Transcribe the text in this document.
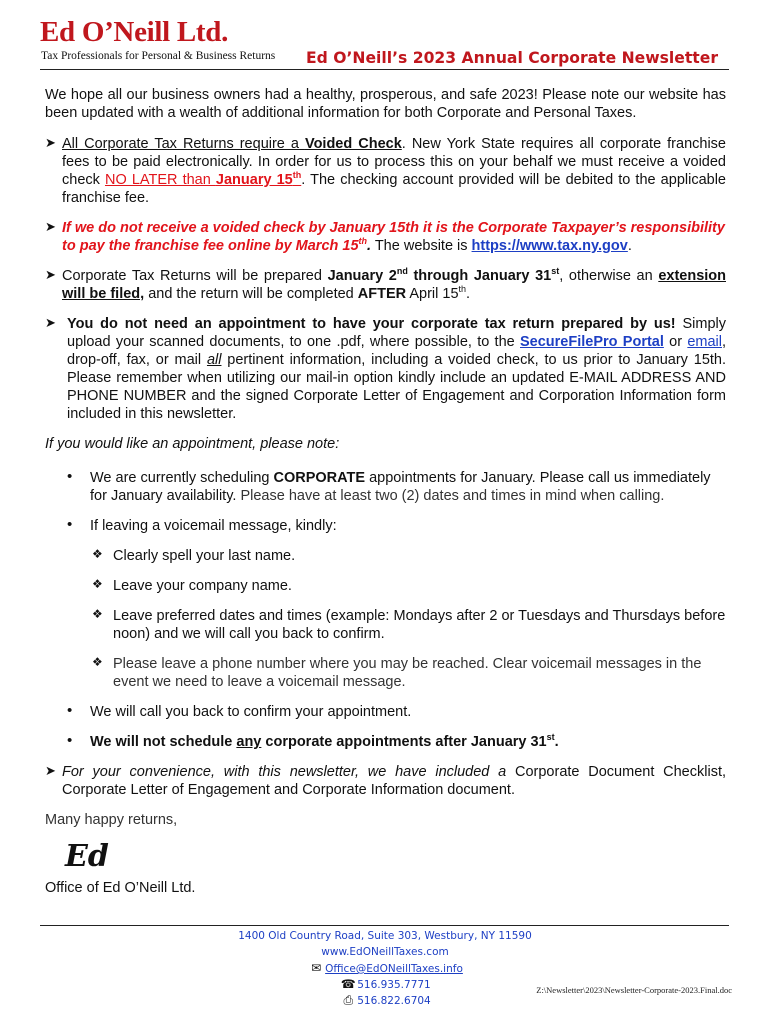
Ed O’Neill Ltd.
Tax Professionals for Personal & Business Returns Ed O’Neill’s 2023 Annual Corporate Newsletter

We hope all our business owners had a healthy, prosperous, and safe 2023! Please note our website has been updated with a wealth of additional information for both Corporate and Personal Taxes.

➤ All Corporate Tax Returns require a Voided Check. New York State requires all corporate franchise fees to be paid electronically. In order for us to process this on your behalf we must receive a voided check NO LATER than January 15th. The checking account provided will be debited to the applicable franchise fee.

➤ If we do not receive a voided check by January 15th it is the Corporate Taxpayer’s responsibility to pay the franchise fee online by March 15th. The website is https://www.tax.ny.gov.

➤ Corporate Tax Returns will be prepared January 2nd through January 31st, otherwise an extension will be filed, and the return will be completed AFTER April 15th.

➤ You do not need an appointment to have your corporate tax return prepared by us! Simply upload your scanned documents, to one .pdf, where possible, to the SecureFilePro Portal or email, drop-off, fax, or mail all pertinent information, including a voided check, to us prior to January 15th. Please remember when utilizing our mail-in option kindly include an updated E-MAIL ADDRESS AND PHONE NUMBER and the signed Corporate Letter of Engagement and Corporation Information form included in this newsletter.

If you would like an appointment, please note:

• We are currently scheduling CORPORATE appointments for January. Please call us immediately for January availability. Please have at least two (2) dates and times in mind when calling.

• If leaving a voicemail message, kindly:

❖ Clearly spell your last name.

❖ Leave your company name.

❖ Leave preferred dates and times (example: Mondays after 2 or Tuesdays and Thursdays before noon) and we will call you back to confirm.

❖ Please leave a phone number where you may be reached. Clear voicemail messages in the event we need to leave a voicemail message.

• We will call you back to confirm your appointment.

• We will not schedule any corporate appointments after January 31st.

➤ For your convenience, with this newsletter, we have included a Corporate Document Checklist, Corporate Letter of Engagement and Corporate Information document.

Many happy returns,

Ed

Office of Ed O’Neill Ltd.

1400 Old Country Road, Suite 303, Westbury, NY 11590
www.EdONeillTaxes.com
✉ Office@EdONeillTaxes.info
☎ 516.935.7771
⎙ 516.822.6704
Z:\Newsletter\2023\Newsletter-Corporate-2023.Final.doc
